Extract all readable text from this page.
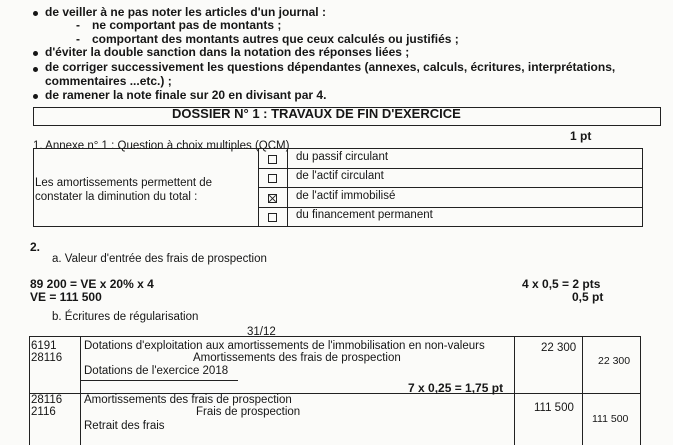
de veiller à ne pas noter les articles d'un journal :
- ne comportant pas de montants ;
- comportant des montants autres que ceux calculés ou justifiés ;
d'éviter la double sanction dans la notation des réponses liées ;
de corriger successivement les questions dépendantes (annexes, calculs, écritures, interprétations,
commentaires ...etc.) ;
de ramener la note finale sur 20 en divisant par 4.
DOSSIER N° 1 : TRAVAUX DE FIN D'EXERCICE
1 pt
1. Annexe n° 1 : Question à choix multiples (QCM)
Les amortissements permettent de
constater la diminution du total :
du passif circulant
de l'actif circulant
de l'actif immobilisé
du financement permanent
2.
a. Valeur d'entrée des frais de prospection
89 200 = VE x 20% x 4
VE = 111 500
4 x 0,5 = 2 pts
0,5 pt
b. Écritures de régularisation
31/12
6191
28116
Dotations d'exploitation aux amortissements de l'immobilisation en non-valeurs
Amortissements des frais de prospection
Dotations de l'exercice 2018
22 300
22 300
7 x 0,25 = 1,75 pt
28116
2116
Amortissements des frais de prospection
Frais de prospection
Retrait des frais
111 500
111 500
